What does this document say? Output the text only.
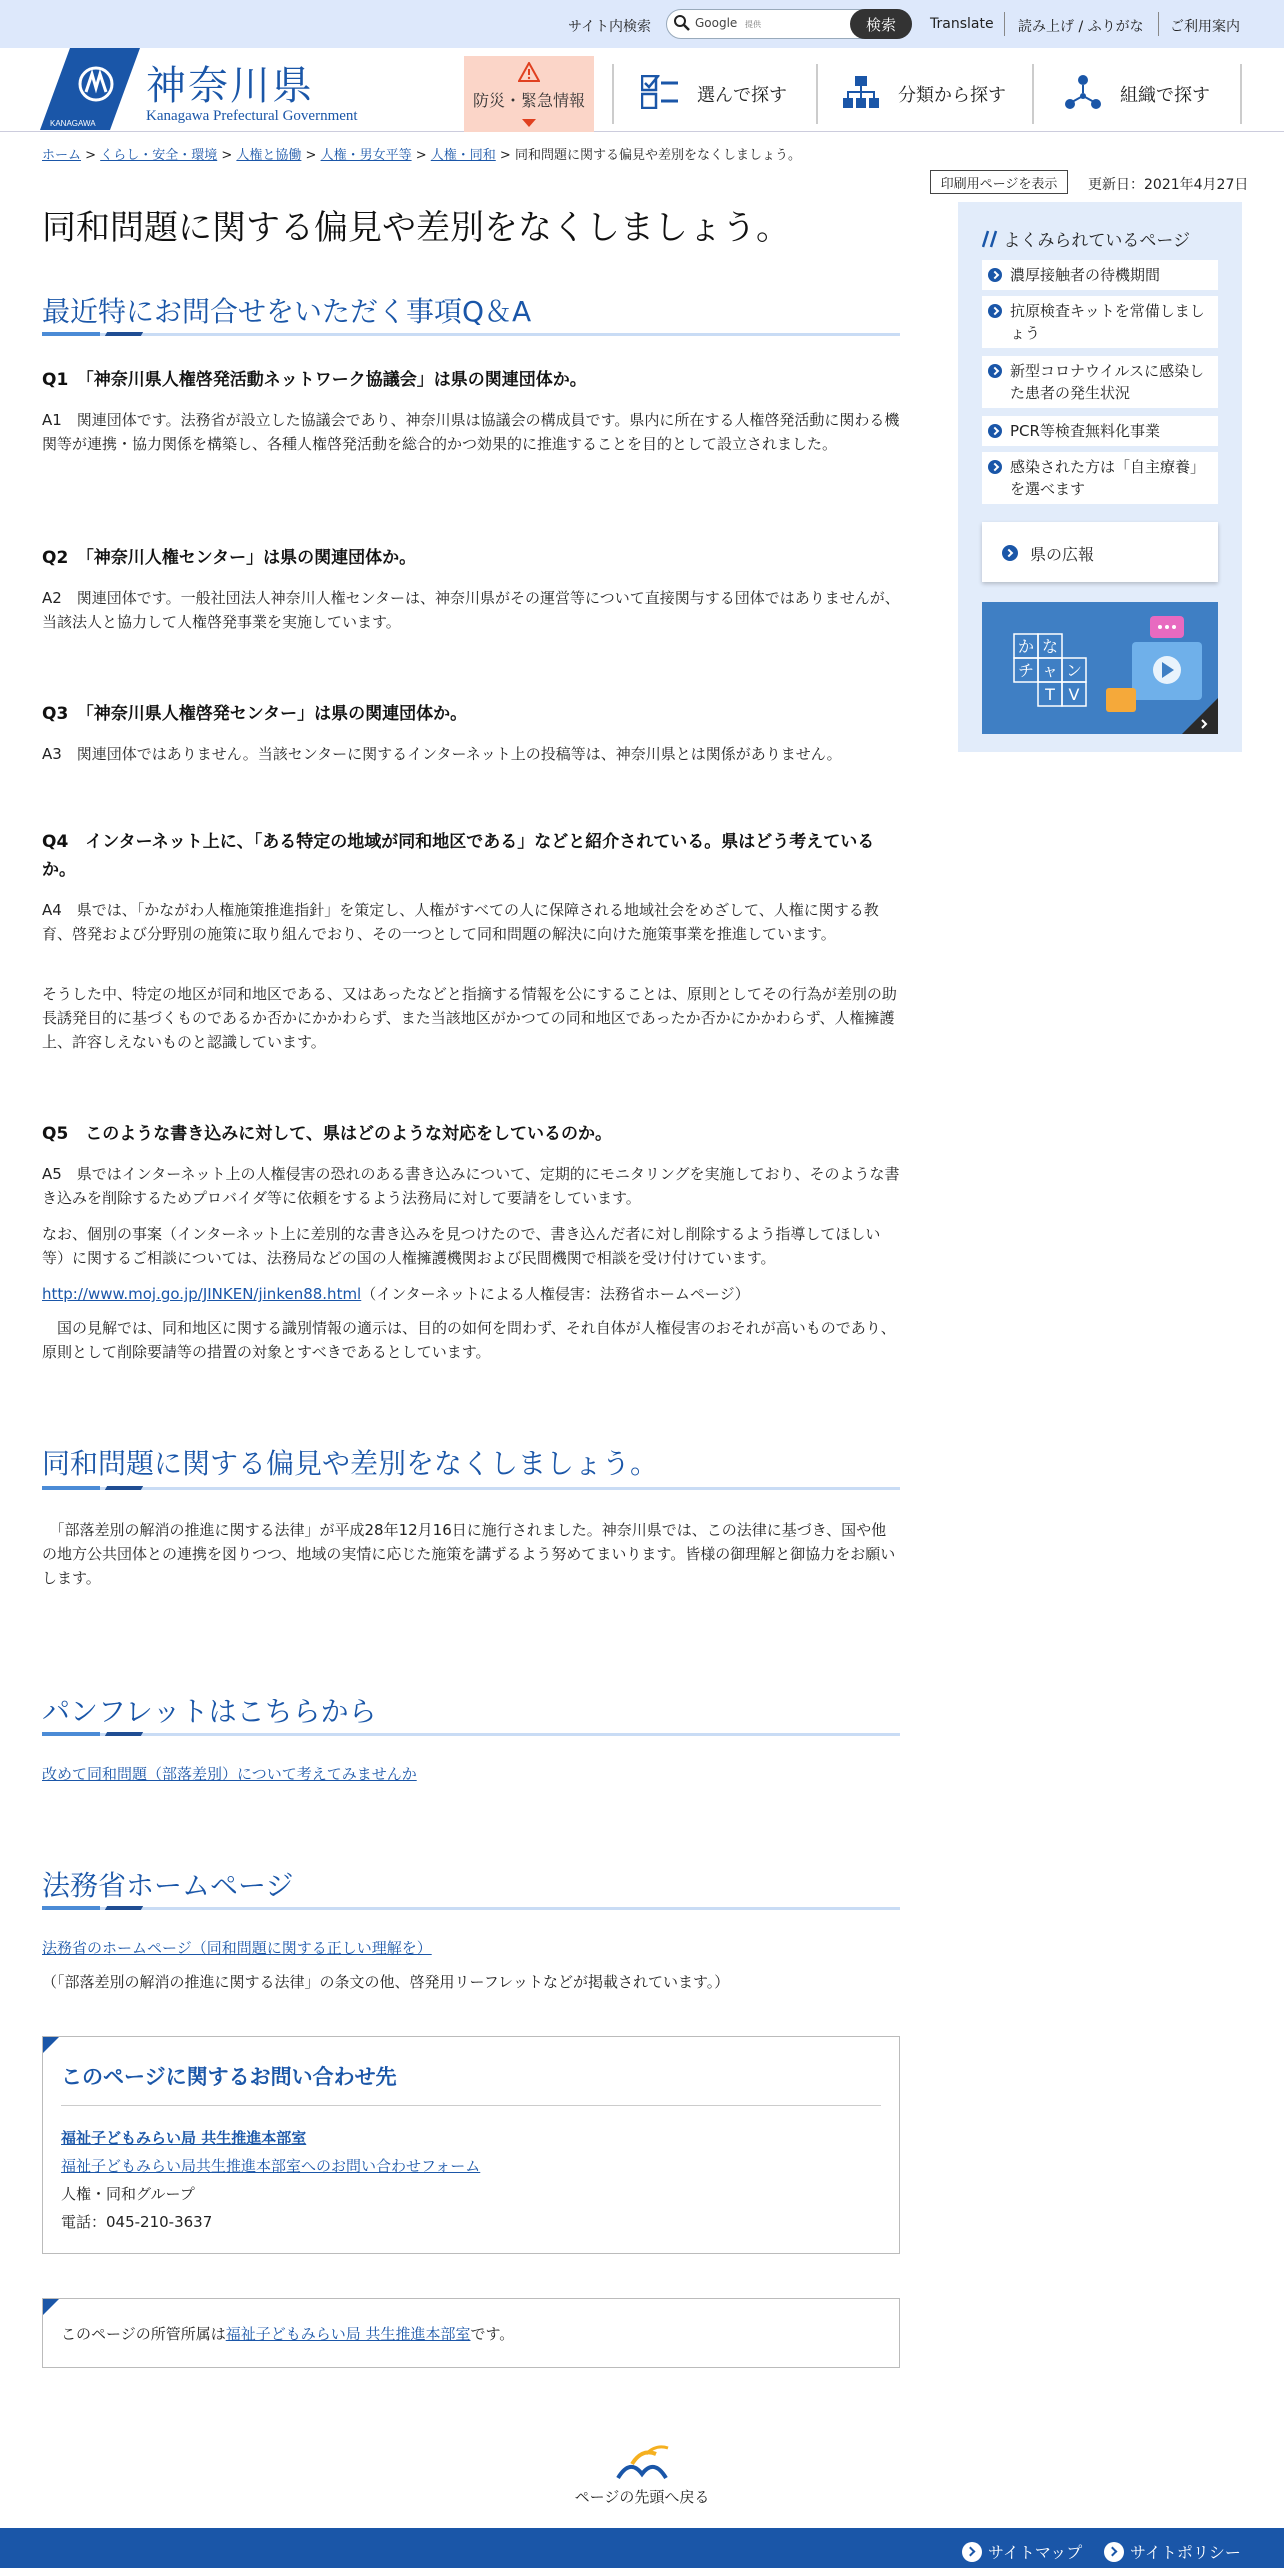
サイト内検索	Google 提供	検索	Translate 読み上げ / ふりがな ご利用案内
KANAGAWA
神奈川県
Kanagawa Prefectural Government
防災・緊急情報	選んで探す	分類から探す	組織で探す
ホーム > くらし・安全・環境 > 人権と協働 > 人権・男女平等 > 人権・同和 > 同和問題に関する偏見や差別をなくしましょう。
印刷用ページを表示	更新日：2021年4月27日
同和問題に関する偏見や差別をなくしましょう。
最近特にお問合せをいただく事項Q＆A
Q1　「神奈川県人権啓発活動ネットワーク協議会」は県の関連団体か。
A1　関連団体です。法務省が設立した協議会であり、神奈川県は協議会の構成員です。県内に所在する人権啓発活動に関わる機関等が連携・協力関係を構築し、各種人権啓発活動を総合的かつ効果的に推進することを目的として設立されました。
Q2　「神奈川人権センター」は県の関連団体か。
A2　関連団体です。一般社団法人神奈川人権センターは、神奈川県がその運営等について直接関与する団体ではありませんが、当該法人と協力して人権啓発事業を実施しています。
Q3　「神奈川県人権啓発センター」は県の関連団体か。
A3　関連団体ではありません。当該センターに関するインターネット上の投稿等は、神奈川県とは関係がありません。
Q4　インターネット上に、「ある特定の地域が同和地区である」などと紹介されている。県はどう考えているか。
A4　県では、「かながわ人権施策推進指針」を策定し、人権がすべての人に保障される地域社会をめざして、人権に関する教育、啓発および分野別の施策に取り組んでおり、その一つとして同和問題の解決に向けた施策事業を推進しています。
そうした中、特定の地区が同和地区である、又はあったなどと指摘する情報を公にすることは、原則としてその行為が差別の助長誘発目的に基づくものであるか否かにかかわらず、また当該地区がかつての同和地区であったか否かにかかわらず、人権擁護上、許容しえないものと認識しています。
Q5　このような書き込みに対して、県はどのような対応をしているのか。
A5　県ではインターネット上の人権侵害の恐れのある書き込みについて、定期的にモニタリングを実施しており、そのような書き込みを削除するためプロバイダ等に依頼をするよう法務局に対して要請をしています。
なお、個別の事案（インターネット上に差別的な書き込みを見つけたので、書き込んだ者に対し削除するよう指導してほしい等）に関するご相談については、法務局などの国の人権擁護機関および民間機関で相談を受け付けています。
http://www.moj.go.jp/JINKEN/jinken88.html（インターネットによる人権侵害：法務省ホームページ）
　国の見解では、同和地区に関する識別情報の適示は、目的の如何を問わず、それ自体が人権侵害のおそれが高いものであり、原則として削除要請等の措置の対象とすべきであるとしています。
同和問題に関する偏見や差別をなくしましょう。
　「部落差別の解消の推進に関する法律」が平成28年12月16日に施行されました。神奈川県では、この法律に基づき、国や他の地方公共団体との連携を図りつつ、地域の実情に応じた施策を講ずるよう努めてまいります。皆様の御理解と御協力をお願いします。
パンフレットはこちらから
改めて同和問題（部落差別）について考えてみませんか
法務省ホームページ
法務省のホームページ（同和問題に関する正しい理解を）
（「部落差別の解消の推進に関する法律」の条文の他、啓発用リーフレットなどが掲載されています。）
このページに関するお問い合わせ先
福祉子どもみらい局 共生推進本部室
福祉子どもみらい局共生推進本部室へのお問い合わせフォーム
人権・同和グループ
電話：045-210-3637
このページの所管所属は福祉子どもみらい局 共生推進本部室です。
よくみられているページ
濃厚接触者の待機期間
抗原検査キットを常備しましょう
新型コロナウイルスに感染した患者の発生状況
PCR等検査無料化事業
感染された方は「自主療養」を選べます
県の広報
か な
チ ャ ン
T V
ページの先頭へ戻る
サイトマップ	サイトポリシー
